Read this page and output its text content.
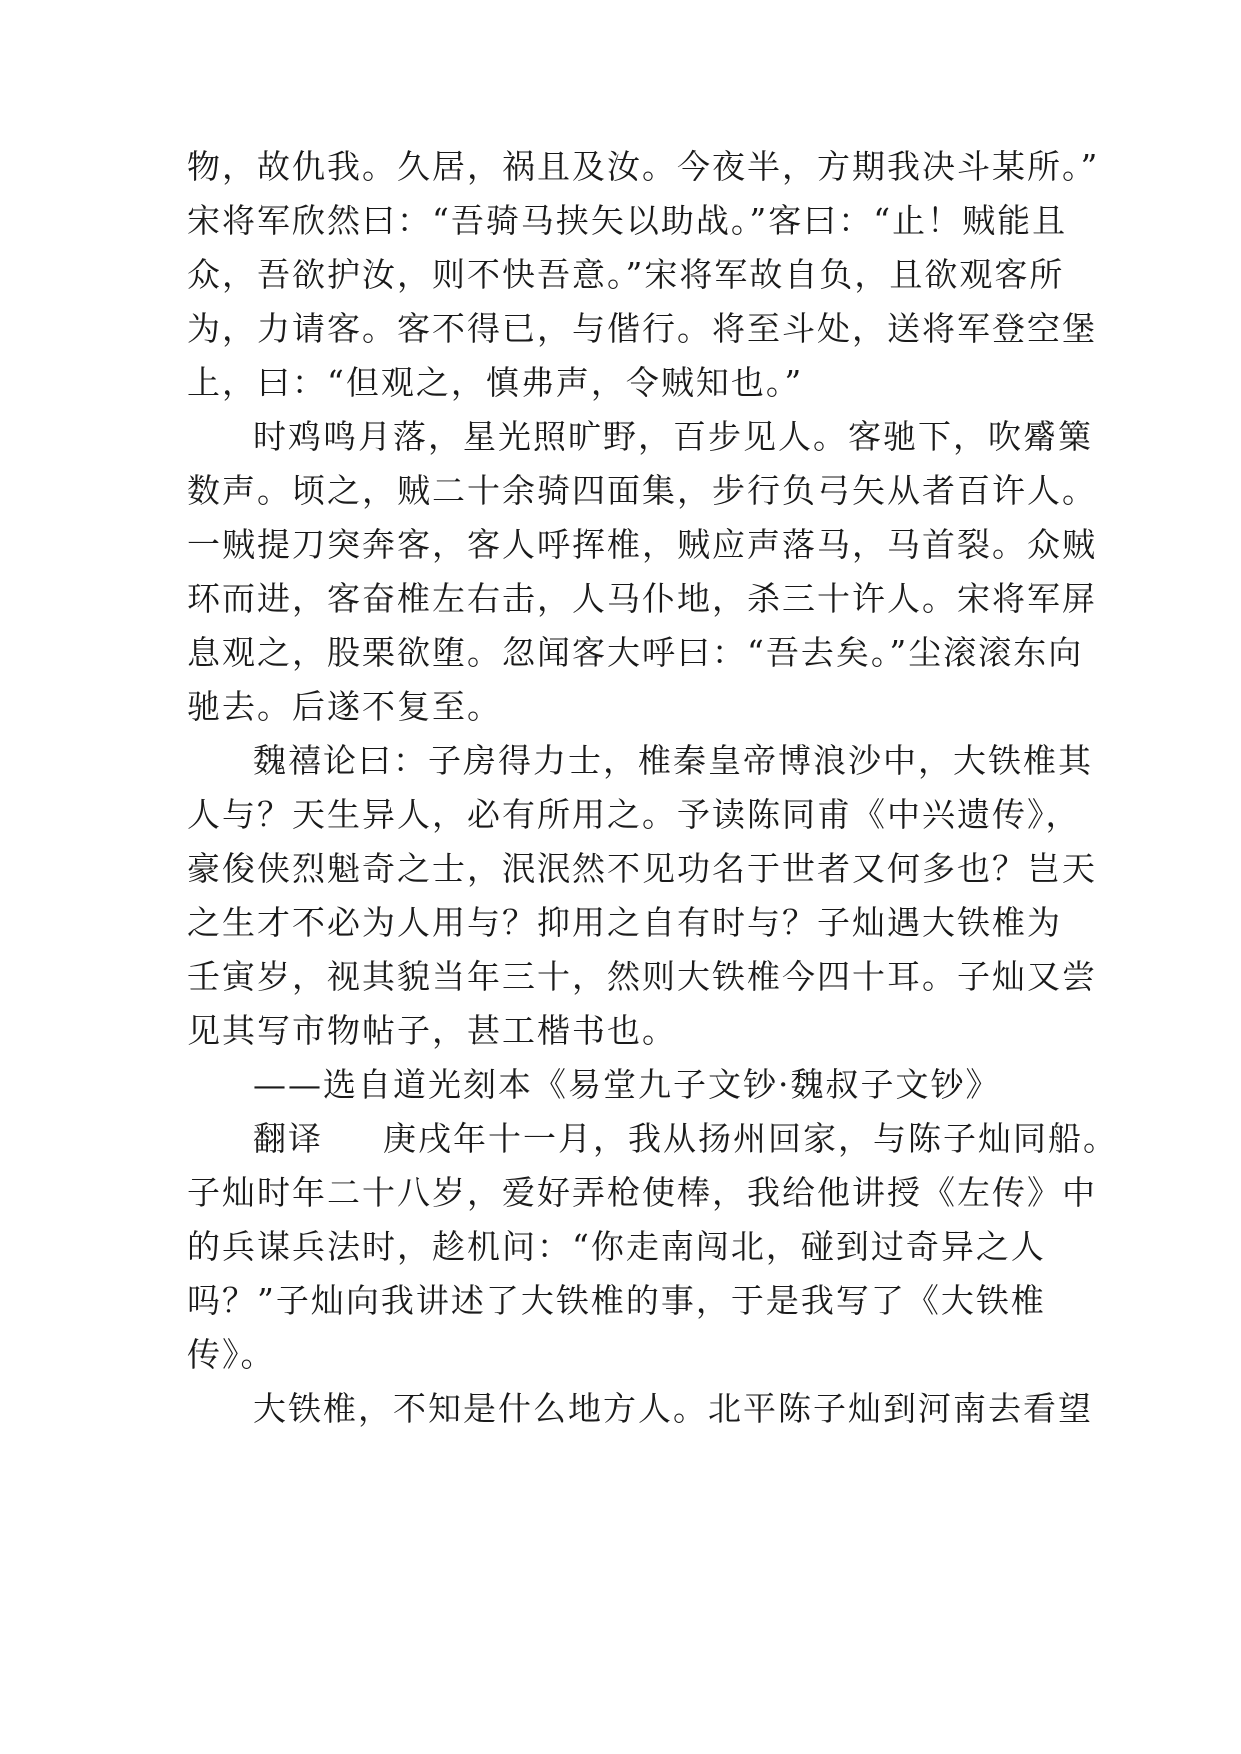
物，故仇我。久居，祸且及汝。今夜半，方期我决斗某所。”
宋将军欣然曰：“吾骑马挟矢以助战。”客曰：“止！贼能且
众，吾欲护汝，则不快吾意。”宋将军故自负，且欲观客所
为，力请客。客不得已，与偕行。将至斗处，送将军登空堡
上，曰：“但观之，慎弗声，令贼知也。”
时鸡鸣月落，星光照旷野，百步见人。客驰下，吹觱篥
数声。顷之，贼二十余骑四面集，步行负弓矢从者百许人。
一贼提刀突奔客，客人呼挥椎，贼应声落马，马首裂。众贼
环而进，客奋椎左右击，人马仆地，杀三十许人。宋将军屏
息观之，股栗欲堕。忽闻客大呼曰：“吾去矣。”尘滚滚东向
驰去。后遂不复至。
魏禧论曰：子房得力士，椎秦皇帝博浪沙中，大铁椎其
人与？天生异人，必有所用之。予读陈同甫《中兴遗传》，
豪俊侠烈魁奇之士，泯泯然不见功名于世者又何多也？岂天
之生才不必为人用与？抑用之自有时与？子灿遇大铁椎为
壬寅岁，视其貌当年三十，然则大铁椎今四十耳。子灿又尝
见其写市物帖子，甚工楷书也。
——选自道光刻本《易堂九子文钞·魏叔子文钞》
翻译 庚戌年十一月，我从扬州回家，与陈子灿同船。
子灿时年二十八岁，爱好弄枪使棒，我给他讲授《左传》中
的兵谋兵法时，趁机问：“你走南闯北，碰到过奇异之人
吗？”子灿向我讲述了大铁椎的事，于是我写了《大铁椎
传》。
大铁椎，不知是什么地方人。北平陈子灿到河南去看望
